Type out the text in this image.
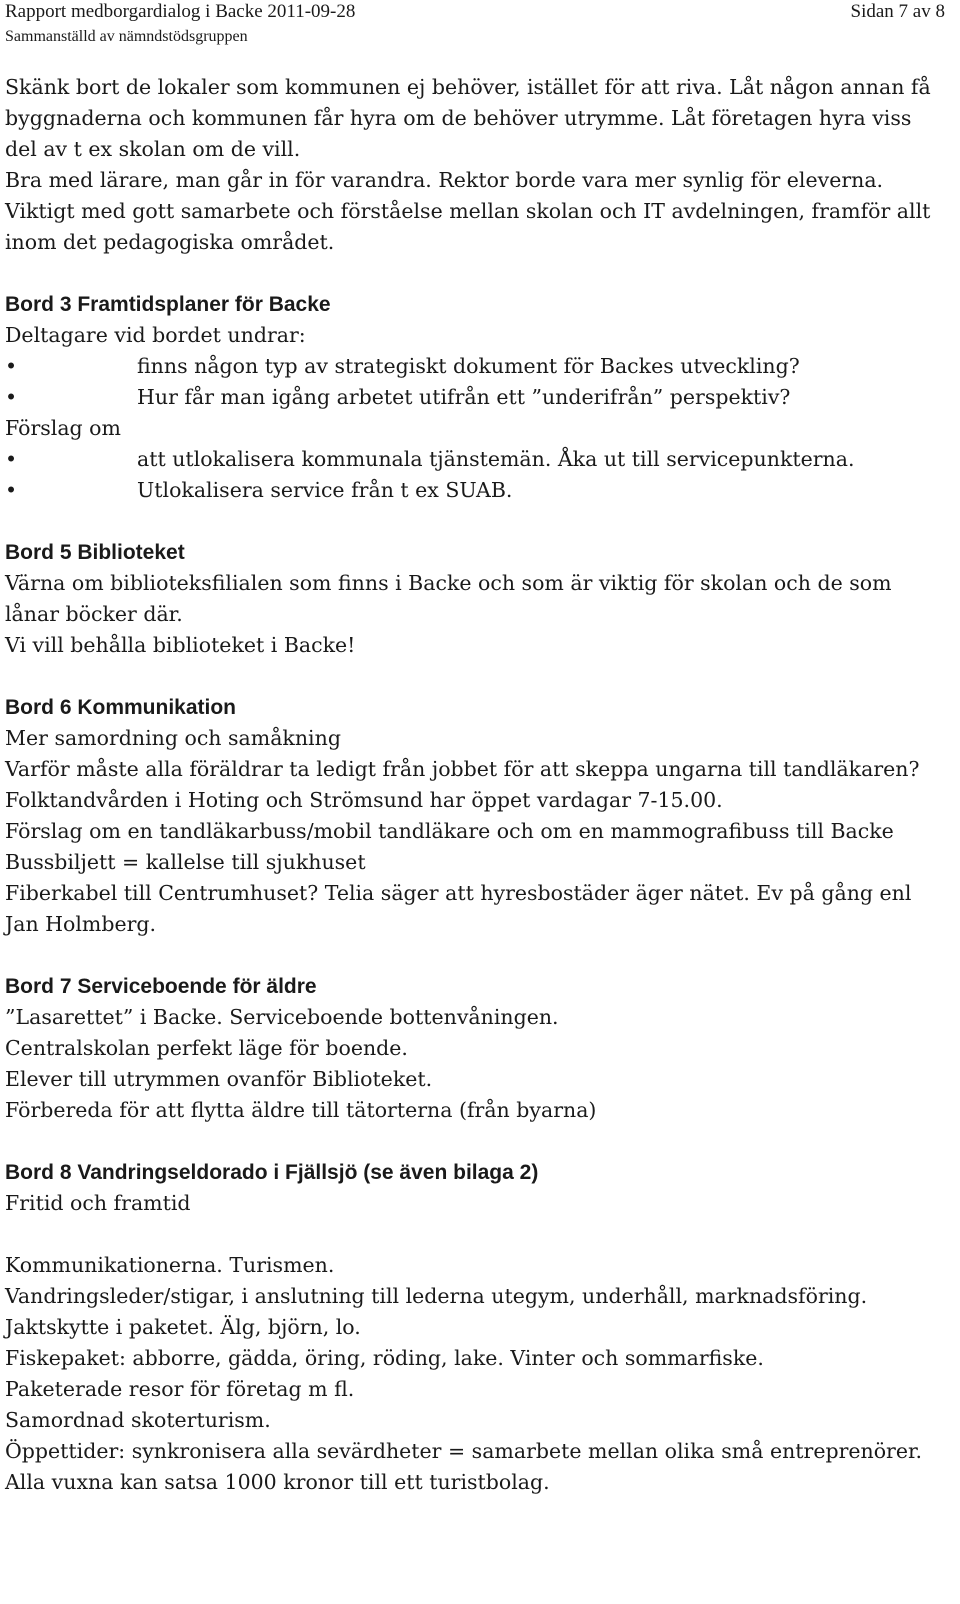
Rapport medborgardialog i Backe 2011-09-28	Sidan 7 av 8
Sammanställd av nämndstödsgruppen

Skänk bort de lokaler som kommunen ej behöver, istället för att riva. Låt någon annan få byggnaderna och kommunen får hyra om de behöver utrymme. Låt företagen hyra viss del av t ex skolan om de vill.

Bra med lärare, man går in för varandra. Rektor borde vara mer synlig för eleverna. Viktigt med gott samarbete och förståelse mellan skolan och IT avdelningen, framför allt inom det pedagogiska området.

Bord 3 Framtidsplaner för Backe

Deltagare vid bordet undrar:

•	finns någon typ av strategiskt dokument för Backes utveckling?

•	Hur får man igång arbetet utifrån ett ”underifrån” perspektiv?

Förslag om

•	att utlokalisera kommunala tjänstemän. Åka ut till servicepunkterna.

•	Utlokalisera service från t ex SUAB.

Bord 5 Biblioteket

Värna om biblioteksfilialen som finns i Backe och som är viktig för skolan och de som lånar böcker där.

Vi vill behålla biblioteket i Backe!

Bord 6 Kommunikation

Mer samordning och samåkning

Varför måste alla föräldrar ta ledigt från jobbet för att skeppa ungarna till tandläkaren? Folktandvården i Hoting och Strömsund har öppet vardagar 7-15.00.

Förslag om en tandläkarbuss/mobil tandläkare och om en mammografibuss till Backe

Bussbiljett = kallelse till sjukhuset

Fiberkabel till Centrumhuset? Telia säger att hyresbostäder äger nätet. Ev på gång enl Jan Holmberg.

Bord 7 Serviceboende för äldre

”Lasarettet” i Backe. Serviceboende bottenvåningen.

Centralskolan perfekt läge för boende.

Elever till utrymmen ovanför Biblioteket.

Förbereda för att flytta äldre till tätorterna (från byarna)

Bord 8 Vandringseldorado i Fjällsjö (se även bilaga 2)

Fritid och framtid

Kommunikationerna. Turismen.

Vandringsleder/stigar, i anslutning till lederna utegym, underhåll, marknadsföring.

Jaktskytte i paketet. Älg, björn, lo.

Fiskepaket: abborre, gädda, öring, röding, lake. Vinter och sommarfiske.

Paketerade resor för företag m fl.

Samordnad skoterturism.

Öppettider: synkronisera alla sevärdheter = samarbete mellan olika små entreprenörer.

Alla vuxna kan satsa 1000 kronor till ett turistbolag.
